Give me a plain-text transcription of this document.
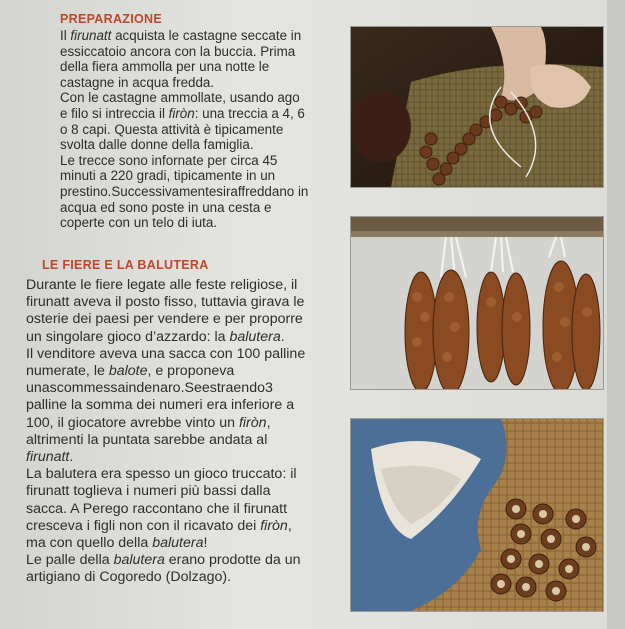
PREPARAZIONE

Il firunatt acquista le castagne seccate in essiccatoio ancora con la buccia. Prima della fiera ammolla per una notte le castagne in acqua fredda.

Con le castagne ammollate, usando ago e filo si intreccia il firòn: una treccia a 4, 6 o 8 capi. Questa attività è tipicamente svolta dalle donne della famiglia.

Le trecce sono infornate per circa 45 minuti a 220 gradi, tipicamente in un prestino.Successivamentesiraffreddano in acqua ed sono poste in una cesta e coperte con un telo di iuta.

LE FIERE E LA BALUTERA

Durante le fiere legate alle feste religiose, il firunatt aveva il posto fisso, tuttavia girava le osterie dei paesi per vendere e per proporre un singolare gioco d’azzardo: la balutera.

Il venditore aveva una sacca con 100 palline numerate, le balote, e proponeva unascommessaindenaro.Seestraendo3 palline la somma dei numeri era inferiore a 100, il giocatore avrebbe vinto un firòn, altrimenti la puntata sarebbe andata al firunatt.

La balutera era spesso un gioco truccato: il firunatt toglieva i numeri più bassi dalla sacca. A Perego raccontano che il firunatt cresceva i figli non con il ricavato dei firòn, ma con quello della balutera!

Le palle della balutera erano prodotte da un artigiano di Cogoredo (Dolzago).
